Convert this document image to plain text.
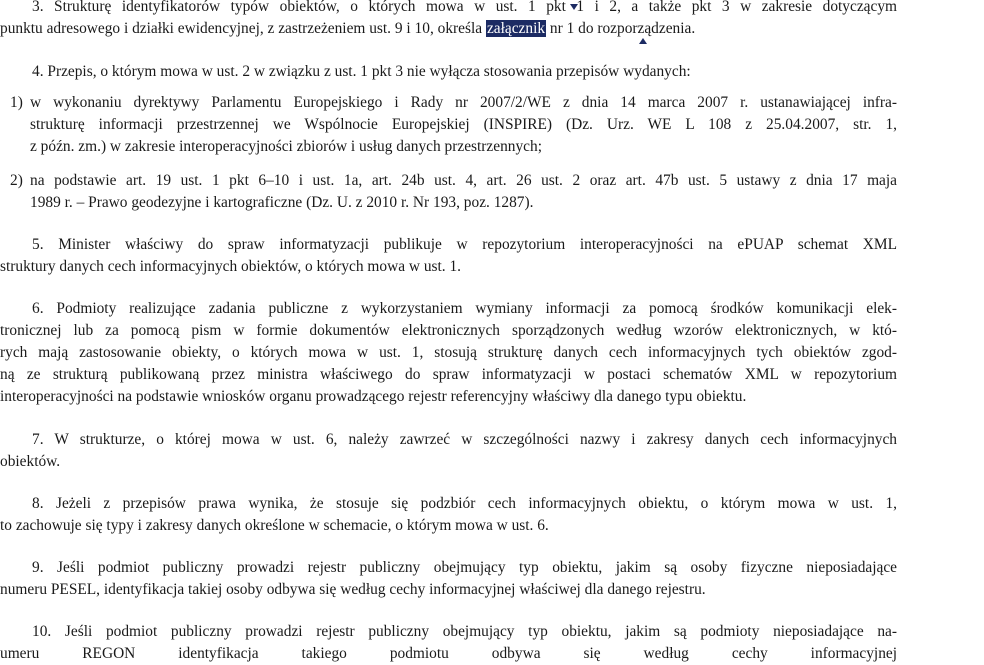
3. Strukturę identyfikatorów typów obiektów, o których mowa w ust. 1 pkt 1 i 2, a także pkt 3 w zakresie dotyczącym
punktu adresowego i działki ewidencyjnej, z zastrzeżeniem ust. 9 i 10, określa załącznik nr 1 do rozporządzenia.
4. Przepis, o którym mowa w ust. 2 w związku z ust. 1 pkt 3 nie wyłącza stosowania przepisów wydanych:
1) w wykonaniu dyrektywy Parlamentu Europejskiego i Rady nr 2007/2/WE z dnia 14 marca 2007 r. ustanawiającej infra-
strukturę informacji przestrzennej we Wspólnocie Europejskiej (INSPIRE) (Dz. Urz. WE L 108 z 25.04.2007, str. 1,
z późn. zm.) w zakresie interoperacyjności zbiorów i usług danych przestrzennych;
2) na podstawie art. 19 ust. 1 pkt 6–10 i ust. 1a, art. 24b ust. 4, art. 26 ust. 2 oraz art. 47b ust. 5 ustawy z dnia 17 maja
1989 r. – Prawo geodezyjne i kartograficzne (Dz. U. z 2010 r. Nr 193, poz. 1287).
5. Minister właściwy do spraw informatyzacji publikuje w repozytorium interoperacyjności na ePUAP schemat XML
struktury danych cech informacyjnych obiektów, o których mowa w ust. 1.
6. Podmioty realizujące zadania publiczne z wykorzystaniem wymiany informacji za pomocą środków komunikacji elek-
tronicznej lub za pomocą pism w formie dokumentów elektronicznych sporządzonych według wzorów elektronicznych, w któ-
rych mają zastosowanie obiekty, o których mowa w ust. 1, stosują strukturę danych cech informacyjnych tych obiektów zgod-
ną ze strukturą publikowaną przez ministra właściwego do spraw informatyzacji w postaci schematów XML w repozytorium
interoperacyjności na podstawie wniosków organu prowadzącego rejestr referencyjny właściwy dla danego typu obiektu.
7. W strukturze, o której mowa w ust. 6, należy zawrzeć w szczególności nazwy i zakresy danych cech informacyjnych
obiektów.
8. Jeżeli z przepisów prawa wynika, że stosuje się podzbiór cech informacyjnych obiektu, o którym mowa w ust. 1,
to zachowuje się typy i zakresy danych określone w schemacie, o którym mowa w ust. 6.
9. Jeśli podmiot publiczny prowadzi rejestr publiczny obejmujący typ obiektu, jakim są osoby fizyczne nieposiadające
numeru PESEL, identyfikacja takiej osoby odbywa się według cechy informacyjnej właściwej dla danego rejestru.
10. Jeśli podmiot publiczny prowadzi rejestr publiczny obejmujący typ obiektu, jakim są podmioty nieposiadające na-
umeru REGON identyfikacja takiego podmiotu odbywa się według cechy informacyjnej
